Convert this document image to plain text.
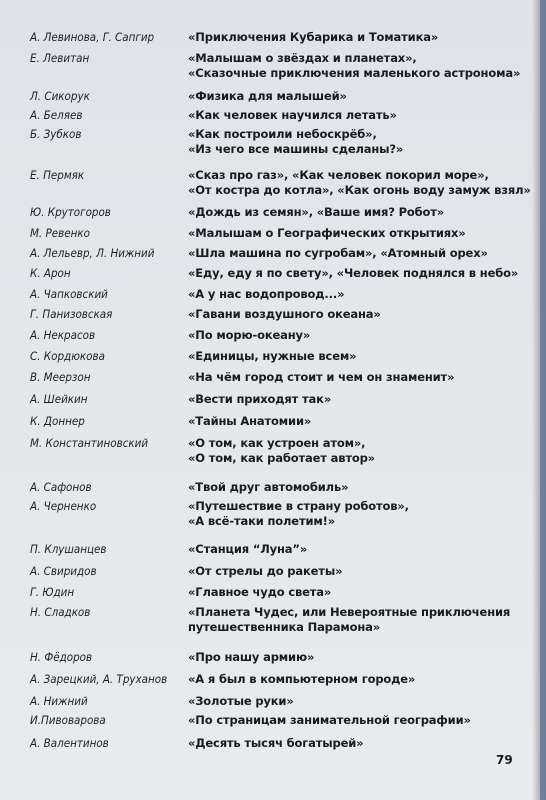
А. Левинова, Г. Сапгир	«Приключения Кубарика и Томатика»
Е. Левитан	«Малышам о звёздах и планетах»,
«Сказочные приключения маленького астронома»
Л. Сикорук	«Физика для малышей»
А. Беляев	«Как человек научился летать»
Б. Зубков	«Как построили небоскрёб»,
«Из чего все машины сделаны?»
Е. Пермяк	«Сказ про газ», «Как человек покорил море»,
«От костра до котла», «Как огонь воду замуж взял»
Ю. Крутогоров	«Дождь из семян», «Ваше имя? Робот»
М. Ревенко	«Малышам о Географических открытиях»
А. Лельевр, Л. Нижний	«Шла машина по сугробам», «Атомный орех»
К. Арон	«Еду, еду я по свету», «Человек поднялся в небо»
А. Чапковский	«А у нас водопровод...»
Г. Панизовская	«Гавани воздушного океана»
А. Некрасов	«По морю-океану»
С. Кордюкова	«Единицы, нужные всем»
В. Меерзон	«На чём город стоит и чем он знаменит»
А. Шейкин	«Вести приходят так»
К. Доннер	«Тайны Анатомии»
М. Константиновский	«О том, как устроен атом»,
«О том, как работает автор»
А. Сафонов	«Твой друг автомобиль»
А. Черненко	«Путешествие в страну роботов»,
«А всё-таки полетим!»
П. Клушанцев	«Станция “Луна”»
А. Свиридов	«От стрелы до ракеты»
Г. Юдин	«Главное чудо света»
Н. Сладков	«Планета Чудес, или Невероятные приключения
путешественника Парамона»
Н. Фёдоров	«Про нашу армию»
А. Зарецкий, А. Труханов	«А я был в компьютерном городе»
А. Нижний	«Золотые руки»
И.Пивоварова	«По страницам занимательной географии»
А. Валентинов	«Десять тысяч богатырей»
79
